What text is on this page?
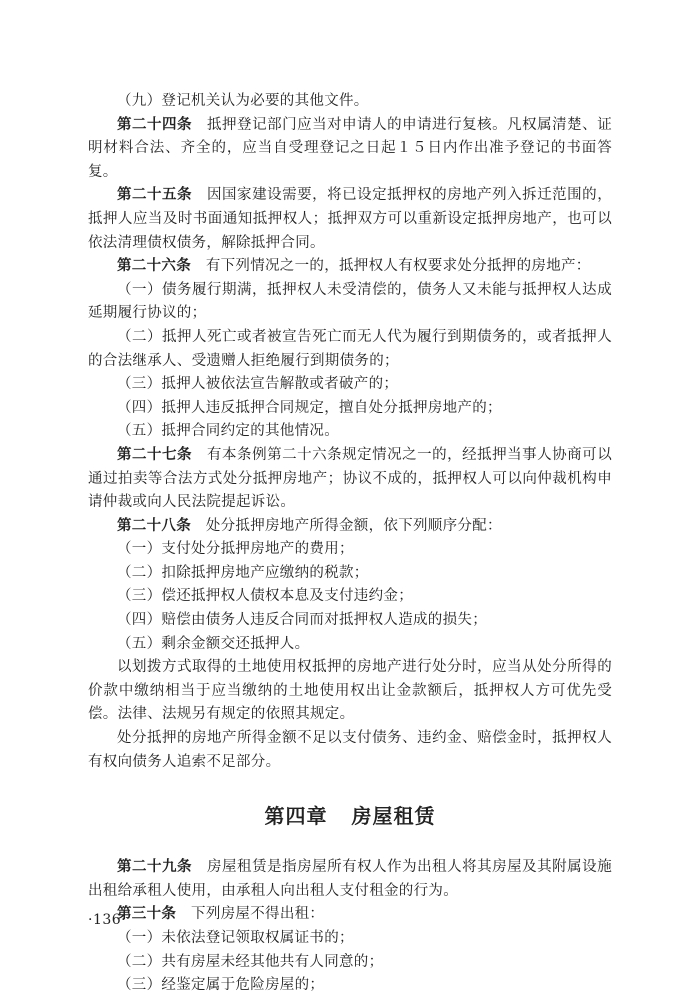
（九）登记机关认为必要的其他文件。

第二十四条　 抵押登记部门应当对申请人的申请进行复核。凡权属清楚、证明材料合法、齐全的，应当自受理登记之日起１５日内作出准予登记的书面答复。

第二十五条　 因国家建设需要，将已设定抵押权的房地产列入拆迁范围的，抵押人应当及时书面通知抵押权人；抵押双方可以重新设定抵押房地产，也可以依法清理债权债务，解除抵押合同。

第二十六条　 有下列情况之一的，抵押权人有权要求处分抵押的房地产：

（一）债务履行期满，抵押权人未受清偿的，债务人又未能与抵押权人达成延期履行协议的；

（二）抵押人死亡或者被宣告死亡而无人代为履行到期债务的，或者抵押人的合法继承人、受遗赠人拒绝履行到期债务的；

（三）抵押人被依法宣告解散或者破产的；

（四）抵押人违反抵押合同规定，擅自处分抵押房地产的；

（五）抵押合同约定的其他情况。

第二十七条　 有本条例第二十六条规定情况之一的，经抵押当事人协商可以通过拍卖等合法方式处分抵押房地产；协议不成的，抵押权人可以向仲裁机构申请仲裁或向人民法院提起诉讼。

第二十八条　 处分抵押房地产所得金额，依下列顺序分配：

（一）支付处分抵押房地产的费用；

（二）扣除抵押房地产应缴纳的税款；

（三）偿还抵押权人债权本息及支付违约金；

（四）赔偿由债务人违反合同而对抵押权人造成的损失；

（五）剩余金额交还抵押人。

以划拨方式取得的土地使用权抵押的房地产进行处分时，应当从处分所得的价款中缴纳相当于应当缴纳的土地使用权出让金款额后，抵押权人方可优先受偿。法律、法规另有规定的依照其规定。

处分抵押的房地产所得金额不足以支付债务、违约金、赔偿金时，抵押权人有权向债务人追索不足部分。

第四章 房屋租赁

第二十九条　 房屋租赁是指房屋所有权人作为出租人将其房屋及其附属设施出租给承租人使用，由承租人向出租人支付租金的行为。

第三十条　 下列房屋不得出租：

（一）未依法登记领取权属证书的；

（二）共有房屋未经其他共有人同意的；

（三）经鉴定属于危险房屋的；

·136·
